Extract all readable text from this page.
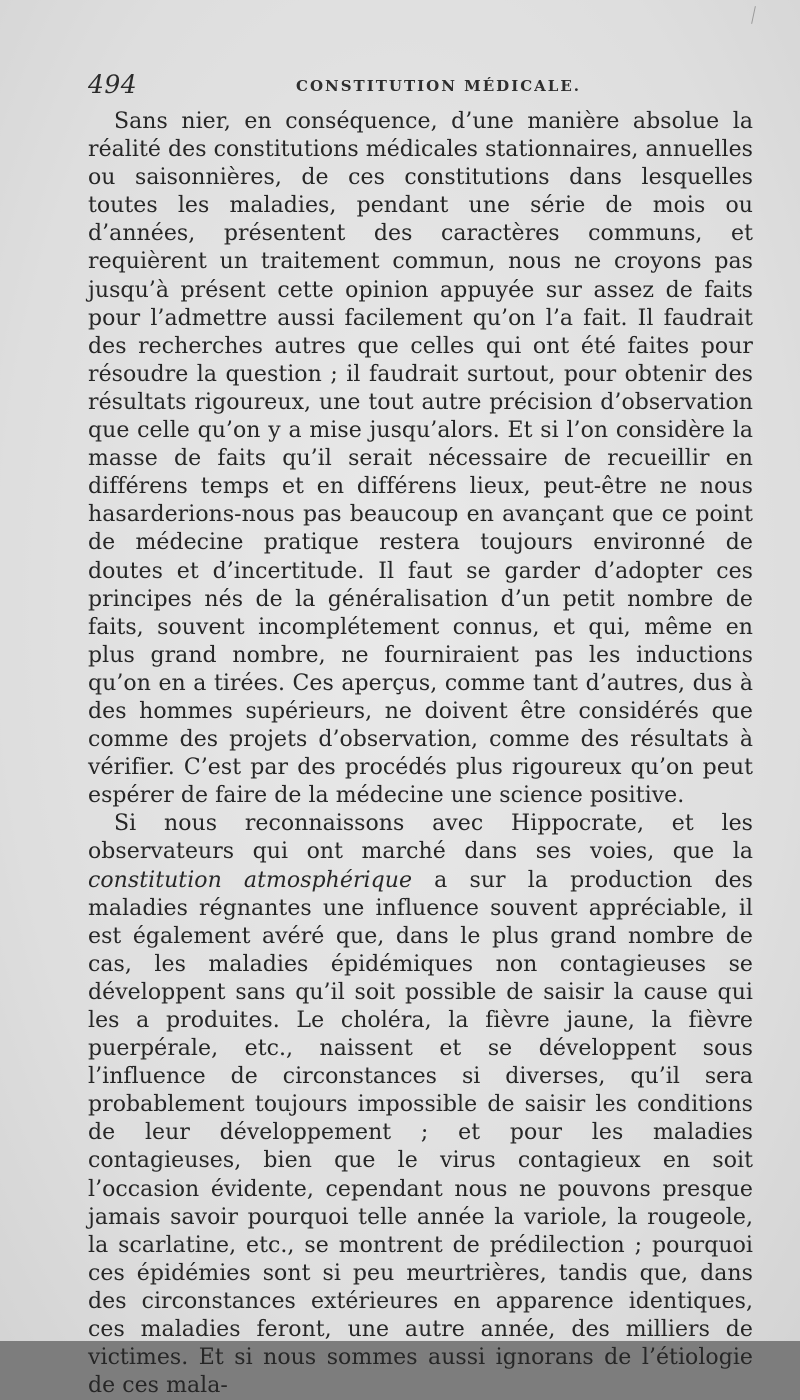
494	CONSTITUTION MÉDICALE.

Sans nier, en conséquence, d’une manière absolue la réalité des constitutions médicales stationnaires, annuelles ou saisonnières, de ces constitutions dans lesquelles toutes les maladies, pendant une série de mois ou d’années, présentent des caractères communs, et requièrent un traitement commun, nous ne croyons pas jusqu’à présent cette opinion appuyée sur assez de faits pour l’admettre aussi facilement qu’on l’a fait. Il faudrait des recherches autres que celles qui ont été faites pour résoudre la question ; il faudrait surtout, pour obtenir des résultats rigoureux, une tout autre précision d’observation que celle qu’on y a mise jusqu’alors. Et si l’on considère la masse de faits qu’il serait nécessaire de recueillir en différens temps et en différens lieux, peut-être ne nous hasarderions-nous pas beaucoup en avançant que ce point de médecine pratique restera toujours environné de doutes et d’incertitude. Il faut se garder d’adopter ces principes nés de la généralisation d’un petit nombre de faits, souvent incomplétement connus, et qui, même en plus grand nombre, ne fourniraient pas les inductions qu’on en a tirées. Ces aperçus, comme tant d’autres, dus à des hommes supérieurs, ne doivent être considérés que comme des projets d’observation, comme des résultats à vérifier. C’est par des procédés plus rigoureux qu’on peut espérer de faire de la médecine une science positive.

Si nous reconnaissons avec Hippocrate, et les observateurs qui ont marché dans ses voies, que la constitution atmosphérique a sur la production des maladies régnantes une influence souvent appréciable, il est également avéré que, dans le plus grand nombre de cas, les maladies épidémiques non contagieuses se développent sans qu’il soit possible de saisir la cause qui les a produites. Le choléra, la fièvre jaune, la fièvre puerpérale, etc., naissent et se développent sous l’influence de circonstances si diverses, qu’il sera probablement toujours impossible de saisir les conditions de leur développement ; et pour les maladies contagieuses, bien que le virus contagieux en soit l’occasion évidente, cependant nous ne pouvons presque jamais savoir pourquoi telle année la variole, la rougeole, la scarlatine, etc., se montrent de prédilection ; pourquoi ces épidémies sont si peu meurtrières, tandis que, dans des circonstances extérieures en apparence identiques, ces maladies feront, une autre année, des milliers de victimes. Et si nous sommes aussi ignorans de l’étiologie de ces mala-
